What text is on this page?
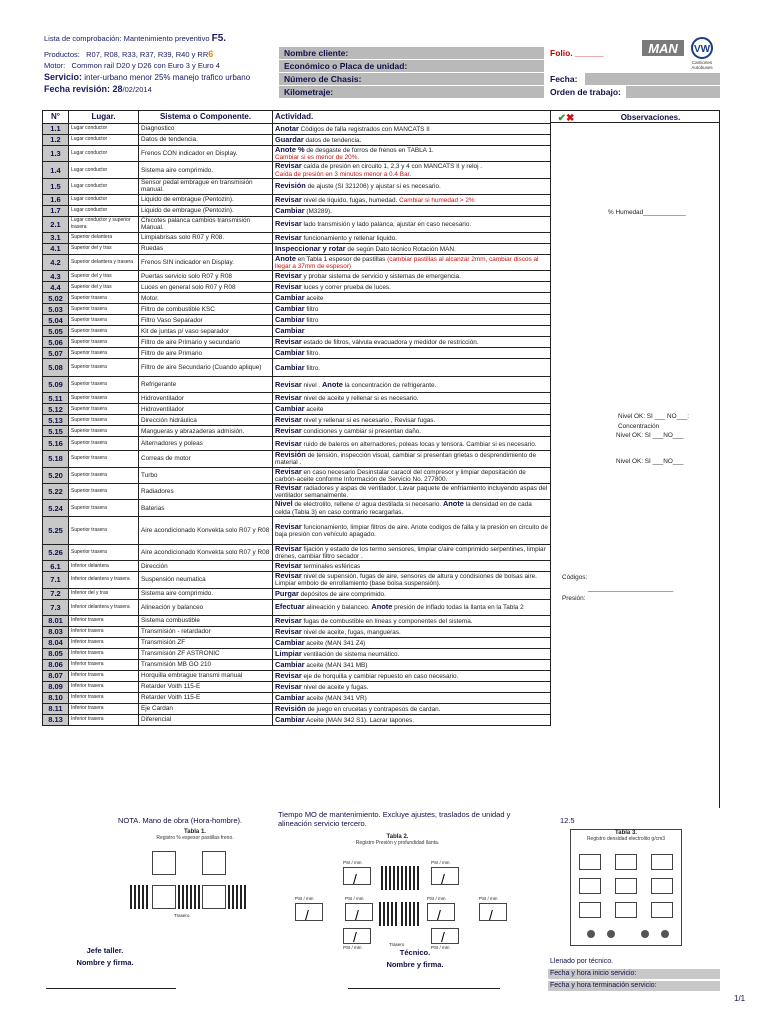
Lista de comprobación: Mantenimiento preventivo F5.
Productos: R07, R08, R33, R37, R39, R40 y RR6
Motor: Common rail D20 y D26 con Euro 3 y Euro 4
Servicio: inter-urbano menor 25% manejo trafico urbano
Fecha revisión: 28/02/2014
Nombre cliente:
Económico o Placa de unidad:
Número de Chasis:
Kilometraje:
Folio. ______
Fecha:
Orden de trabajo:
MAN VW
Camiones
Autobuses
N°	Lugar.	Sistema o Componente.	Actividad.
1.1	Lugar conductor	Diagnostico	Anotar Códigos de falla registrados con MANCATS II
1.2	Lugar conductor	Datos de tendencia.	Guardar datos de tendencia.
1.3	Lugar conductor	Frenos CON indicador en Display.	Anote % de desgaste de forros de frenos en TABLA 1.
Cambiar si es menor de 20%.
1.4	Lugar conductor	Sistema aire comprimido.	Revisar caída de presión en circuito 1, 2,3 y 4 con MANCATS II y reloj .
Caída de presión en 3 minutos menor a 0.4 Bar.
1.5	Lugar conductor	Sensor pedal embrague en transmisión manual.	Revisión de ajuste (SI 321206) y ajustar si es necesario.
1.6	Lugar conductor	Liquido de embrague (Pentozin).	Revisar nivel de líquido, fugas, humedad. Cambiar si humedad > 2%
1.7	Lugar conductor	Liquido de embrague (Pentozin).	Cambiar (M3289).
2.1	Lugar conductor y superior trasera	Chicotes palanca cambios transmisión Manual.	Revisar lado transmisión y lado palanca, ajustar en caso necesario.
3.1	Superior delantera	Limpiabrisas solo R07 y R08.	Revisar funcionamiento y rellenar liquido.
4.1	Superior del y tras	Ruedas	Inspeccionar y rotar de según Dato técnico Rotación MAN.
4.2	Superior delantera y trasera	Frenos SIN indicador en Display.	Anote en Tabla 1 espesor de pastillas (cambiar pastillas al alcanzar 2mm, cambiar discos al llegar a 37mm de espesor)
4.3	Superior del y tras	Puertas servicio solo R07 y R08	Revisar y probar sistema de servicio y sistemas de emergencia.
4.4	Superior del y tras	Luces en general solo R07 y R08	Revisar luces y correr prueba de luces.
5.02	Superior trasera	Motor.	Cambiar aceite
5.03	Superior trasera	Filtro de combustible KSC	Cambiar filtro
5.04	Superior trasera	Filtro Vaso Separador	Cambiar filtro
5.05	Superior trasera	Kit de juntas p/ vaso separador	Cambiar
5.06	Superior trasera	Filtro de aire Primario y secundario	Revisar estado de filtros, válvula evacuadora y medidor de restricción.
5.07	Superior trasera	Filtro de aire Primario	Cambiar filtro.
5.08	Superior trasera	Filtro de aire Secundario (Cuando aplique)	Cambiar filtro.
5.09	Superior trasera	Refrigerante	Revisar nivel . Anote la concentración de refrigerante.
5.11	Superior trasera	Hidroventilador	Revisar nivel de aceite y rellenar si es necesario.
5.12	Superior trasera	Hidroventilador	Cambiar aceite
5.13	Superior trasera	Dirección hidráulica	Revisar nivel y rellenar si es necesario , Revisar fugas.
5.15	Superior trasera	Mangueras y abrazaderas admisión.	Revisar condiciones y cambiar si presentan daño.
5.16	Superior trasera	Alternadores y poleas	Revisar ruido de baleros en alternadores, poleas locas y tensora. Cambiar si es necesario.
5.18	Superior trasera	Correas de motor	Revisión de tensión, inspección visual, cambiar si presentan grietas o desprendimiento de material .
5.20	Superior trasera	Turbo	Revisar en caso necesario Desinstalar caracol del compresor y limpiar depositación de carbón-aceite conforme Información de Servicio No. 277800.
5.22	Superior trasera	Radiadores	Revisar radiadores y aspas de ventilador. Lavar paquete de enfriamiento incluyendo aspas del ventilador semanalmente.
5.24	Superior trasera	Baterias	Nivel de electrolito, rellene c/ agua destilada si necesario. Anote la densidad en de cada celda (Tabla 3) en caso contrario recargarlas.
5.25	Superior trasera	Aire acondicionado Konvekta solo R07 y R08	Revisar funcionamiento, limpiar filtros de aire. Anote codigos de falla y la presión en circuito de baja presión con vehículo apagado.
5.26	Superior trasera	Aire acondicionado Konvekta solo R07 y R08	Revisar fijación y estado de los termo sensores, limpiar c/aire comprimido serpentines, limpiar drenes, cambiar filtro secador .
6.1	Inferior delantera	Dirección	Revisar terminales esféricas
7.1	Inferior delantera y trasera	Suspensión neumatica	Revisar nivel de supensión, fugas de aire, sensores de altura y condisiones de bolsas aire. Limpiar embolo de enrollamiento (base bolsa suspensión).
7.2	Inferior del y tras	Sistema aire comprimido.	Purgar depósitos de aire comprimido.
7.3	Inferior delantera y trasera	Alineación y balanceo	Efectuar alineación y balanceo. Anote presión de inflado todas la llanta en la Tabla 2
8.01	Inferior trasera	Sistema combustible	Revisar fugas de combustible en líneas y componentes del sistema.
8.03	Inferior trasera	Transmisión - retardador	Revisar nivel de aceite, fugas, mangueras.
8.04	Inferior trasera	Transmisión ZF	Cambiar aceite (MAN 341 Z4)
8.05	Inferior trasera	Transmisión ZF ASTRONIC	Limpiar ventilación de sistema neumático.
8.06	Inferior trasera	Transmisión MB GO 210	Cambiar aceite (MAN 341 MB)
8.07	Inferior trasera	Horquilla embrague transmi manual	Revisar eje de horquilla y cambiar repuesto en caso necesario.
8.09	Inferior trasera	Retarder Voith 115-E	Revisar nivel de aceite y fugas.
8.10	Inferior trasera	Retarder Voith 115-E	Cambiar aceite (MAN 341 VR)
8.11	Inferior trasera	Eje Cardan	Revisión de juego en crucetas y contrapesos de cardan.
8.13	Inferior trasera	Diferencial	Cambiar Aceite (MAN 342 S1). Lacrar tapones.
✔✖	Observaciones.
% Humedad____________
Nivel OK: SI ___ NO___:
Concentración
Nivel OK: SI ___NO___
Nivel OK: SI ___NO___
Códigos:
________________________
Presión:
NOTA. Mano de obra (Hora-hombre).
Tiempo MO de mantenimiento. Excluye ajustes, traslados de unidad y alineación servicio tercero.	12.5
Tabla 1.
Registro % espesor pastillas freno.
Trasero.
Tabla 2.
Registro Presión y profundidad llanta.
PSI / mm
/
PSI / mm
/
PSI / mm
/
PSI / mm
/
PSI / mm
/
PSI / mm
/
/
PSI / mm
Trasero	/
PSI / mm
Tabla 3.
Registro densidad electrolito g/cm3
Jefe taller.
Nombre y firma.
Técnico.
Nombre y firma.	Llenado por técnico.
Fecha y hora inicio servicio:
Fecha y hora terminación servicio:
1/1
